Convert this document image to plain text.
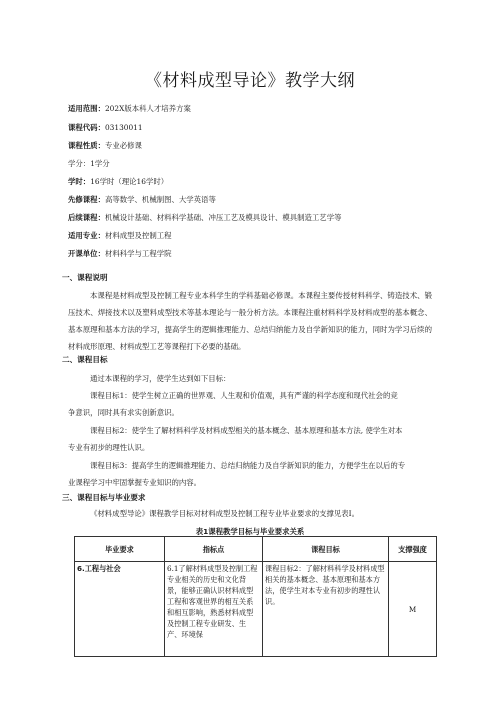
《材料成型导论》教学大纲
适用范围：202X版本科人才培养方案
课程代码：03130011
课程性质：专业必修课
学分：1学分
学时：16学时（理论16学时）
先修课程：高等数学、机械制图、大学英语等
后续课程：机械设计基础、材料科学基础、冲压工艺及模具设计、模具制造工艺学等
适用专业：材料成型及控制工程
开课单位：材料科学与工程学院
一、课程说明
本课程是材料成型及控制工程专业本科学生的学科基础必修课。本课程主要传授材料科学、铸造技术、锻压技术、焊接技术以及塑料成型技术等基本理论与一般分析方法。本课程注重材料科学及材料成型的基本概念、基本原理和基本方法的学习，提高学生的逻辑推理能力、总结归纳能力及自学新知识的能力，同时为学习后续的材料成形原理、材料成型工艺等课程打下必要的基础。
二、课程目标
通过本课程的学习，使学生达到如下目标：
课程目标1：使学生树立正确的世界观、人生观和价值观，具有严谨的科学态度和现代社会的竞
争意识，同时具有求实创新意识。
课程目标2：使学生了解材料科学及材料成型相关的基本概念、基本原理和基本方法, 使学生对本
专业有初步的理性认识。
课程目标3：提高学生的逻辑推理能力、总结归纳能力及自学新知识的能力，方便学生在以后的专
业课程学习中牢固掌握专业知识的内容。
三、课程目标与毕业要求
《材料成型导论》课程教学目标对材料成型及控制工程专业毕业要求的支撑见表I。
表1课程教学目标与毕业要求关系
毕业要求	指标点	课程目标	支撑强度
6.工程与社会	6.1了解材料成型及控制工程专业相关的历史和文化背景，能够正确认识材料成型工程和客观世界的相互关系和相互影响，熟悉材料成型及控制工程专业研发、生产、环境保	课程目标2：了解材料科学及材料成型相关的基本概念、基本原理和基本方法，使学生对本专业有初步的理性认识。	M
